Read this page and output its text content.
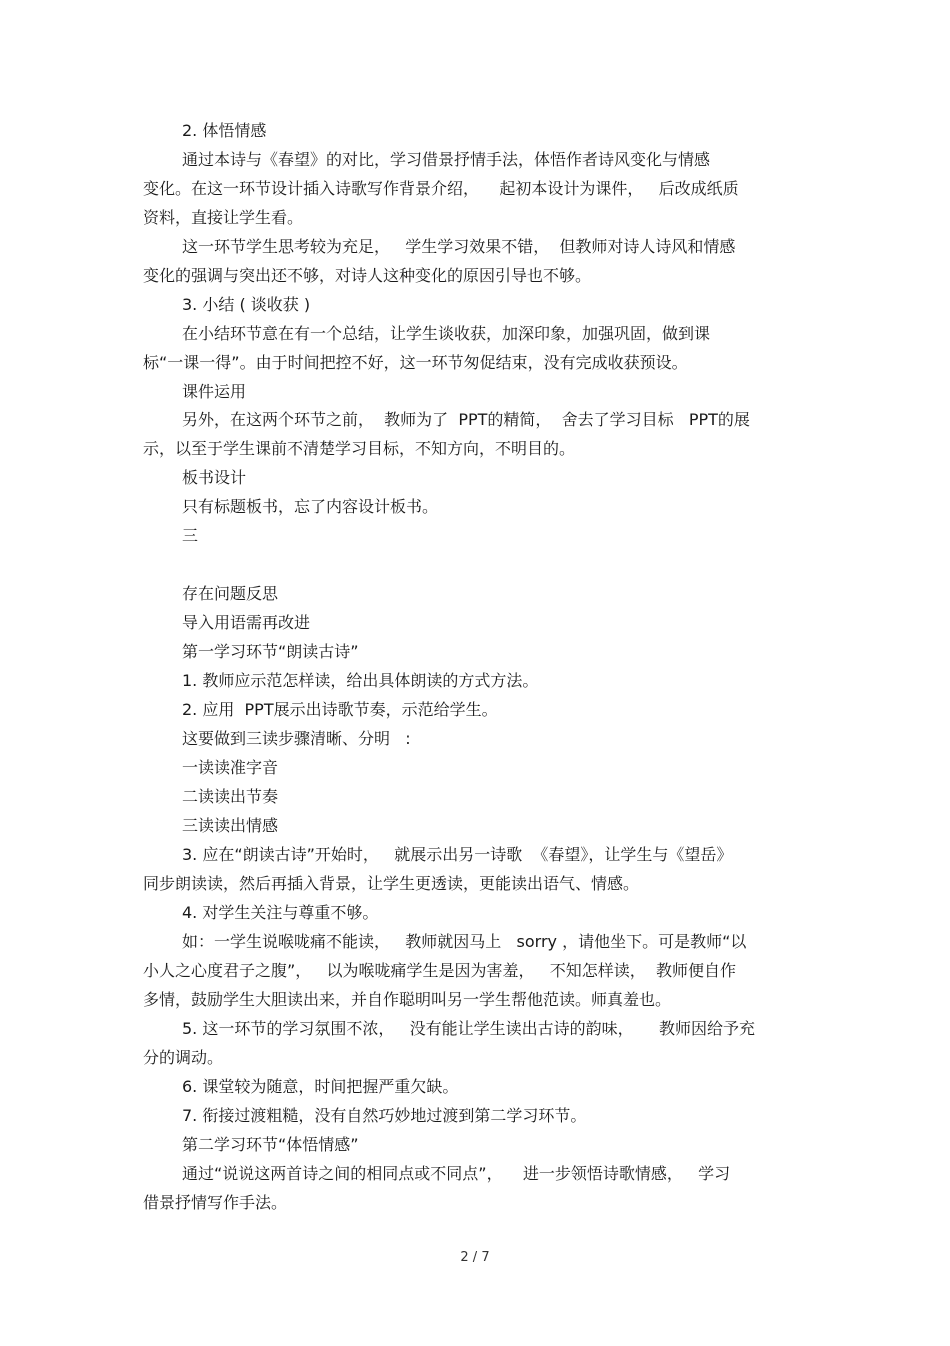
2. 体悟情感
通过本诗与《春望》的对比，学习借景抒情手法，体悟作者诗风变化与情感
变化。在这一环节设计插入诗歌写作背景介绍，    起初本设计为课件，   后改成纸质
资料，直接让学生看。
这一环节学生思考较为充足，   学生学习效果不错，  但教师对诗人诗风和情感
变化的强调与突出还不够，对诗人这种变化的原因引导也不够。
3. 小结 ( 谈收获 )
在小结环节意在有一个总结，让学生谈收获，加深印象，加强巩固，做到课
标“一课一得”。由于时间把控不好，这一环节匆促结束，没有完成收获预设。
课件运用
另外，在这两个环节之前，  教师为了  PPT的精简，  舍去了学习目标   PPT的展
示，以至于学生课前不清楚学习目标，不知方向，不明目的。
板书设计
只有标题板书，忘了内容设计板书。
三
存在问题反思
导入用语需再改进
第一学习环节“朗读古诗”
1. 教师应示范怎样读，给出具体朗读的方式方法。
2. 应用  PPT展示出诗歌节奏，示范给学生。
这要做到三读步骤清晰、分明   :
一读读准字音
二读读出节奏
三读读出情感
3. 应在“朗读古诗”开始时，   就展示出另一诗歌  《春望》，让学生与《望岳》
同步朗读读，然后再插入背景，让学生更透读，更能读出语气、情感。
4. 对学生关注与尊重不够。
如：一学生说喉咙痛不能读，   教师就因马上   sorry ，请他坐下。可是教师“以
小人之心度君子之腹”，   以为喉咙痛学生是因为害羞，   不知怎样读，  教师便自作
多情，鼓励学生大胆读出来，并自作聪明叫另一学生帮他范读。师真羞也。
5. 这一环节的学习氛围不浓，   没有能让学生读出古诗的韵味，     教师因给予充
分的调动。
6. 课堂较为随意，时间把握严重欠缺。
7. 衔接过渡粗糙，没有自然巧妙地过渡到第二学习环节。
第二学习环节“体悟情感”
通过“说说这两首诗之间的相同点或不同点”，    进一步领悟诗歌情感，   学习
借景抒情写作手法。
2 / 7
